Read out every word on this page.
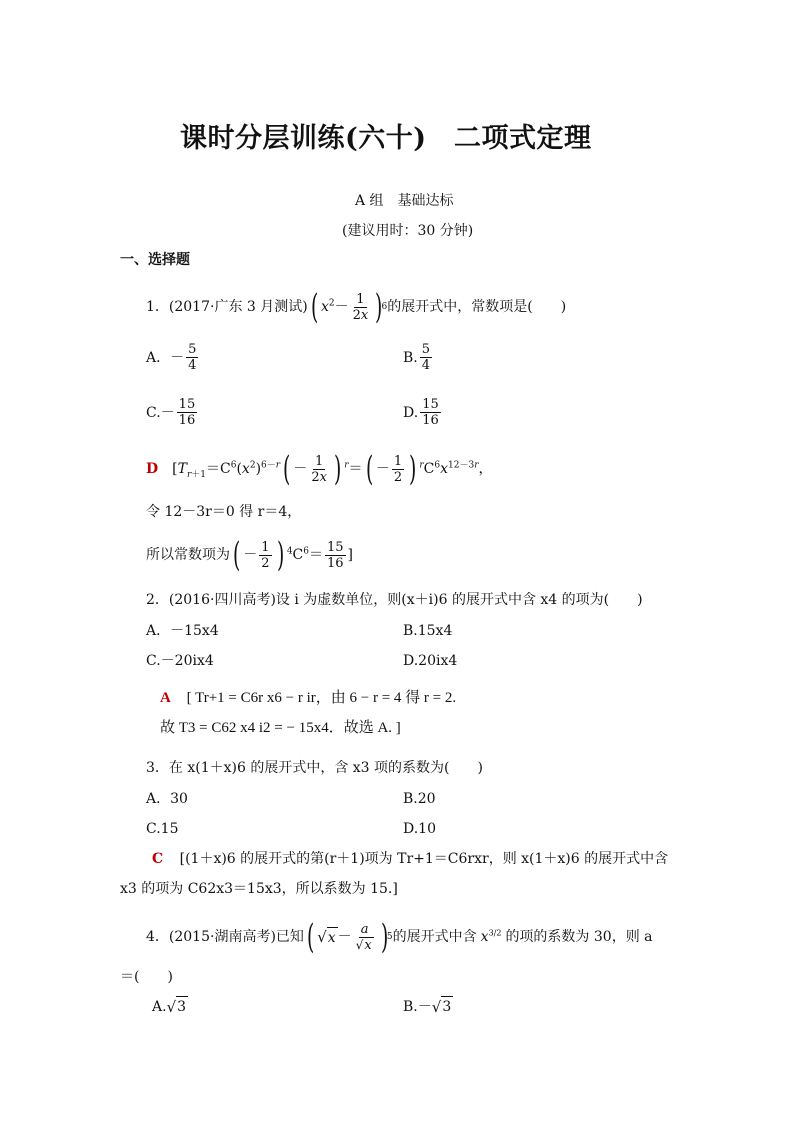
课时分层训练(六十)　二项式定理
A 组　基础达标
(建议用时：30 分钟)
一、选择题
1．(2017·广东 3 月测试) ( $x^2- \frac{1}{2x}$ )
6 的展开式中，常数项是(　　)
A．－ $\frac{5}{4}$	B. $\frac{5}{4}$
$C.- \frac{15}{16}$	D. $\frac{15}{16}$
D [$T_{r+1}=C^6(x^2)^{6-r}$ ( － $\frac{1}{2x}$ ) $^r$＝ ( － $\frac{1}{2}$ ) $^rC^6x^{12-3r}$，
令 12－3r＝0 得 r＝4，
所以常数项为 ( － $\frac{1}{2}$ ) $^4C^6 = \frac{15}{16}$ ]
2．(2016·四川高考)设 i 为虚数单位，则(x＋i)6 的展开式中含 x4 的项为(　　)
A．－15x4	B.15x4
C.－20ix4	D.20ix4
A [ Tr+1 = C6r x6 − r ir，由 6 − r = 4 得 r = 2.
故 T3 = C62 x4 i2 = − 15x4．故选 A. ]
3．在 x(1＋x)6 的展开式中，含 x3 项的系数为(　　)
A．30	B.20
C.15	D.10
C [(1＋x)6 的展开式的第(r＋1)项为 Tr+1＝C6rxr，则 x(1＋x)6 的展开式中含
x3 的项为 C62x3＝15x3，所以系数为 15.]
4．(2015·湖南高考)已知 ( √ $x - \frac{a}{√x}$ )
5 的展开式中含 $x^{3/2}$ 的项的系数为 30，则 a
＝(　　)
A. √ 3	B.－ √ 3
